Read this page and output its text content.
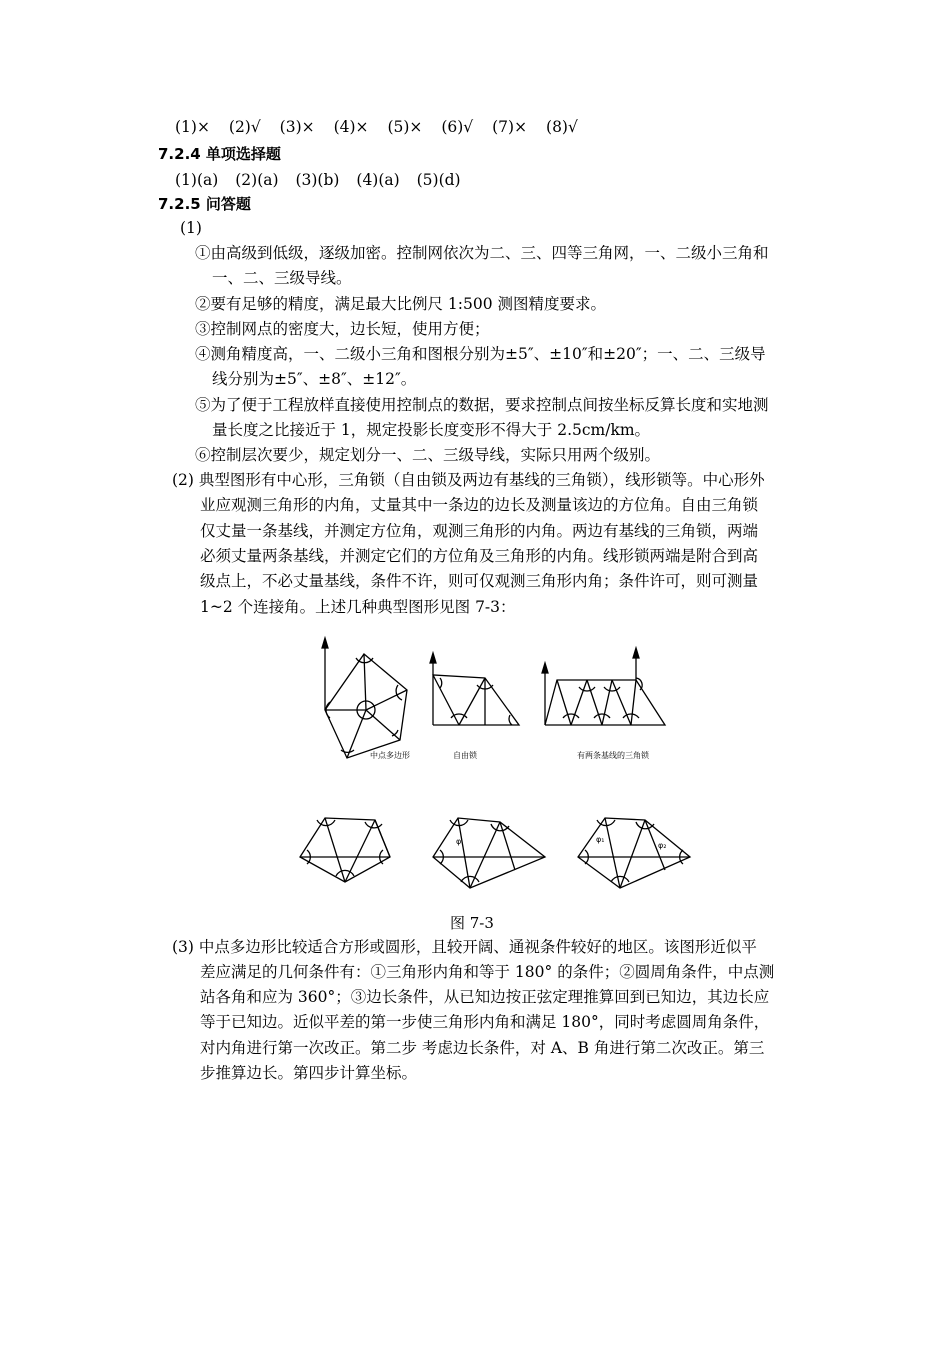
(1)× (2)√ (3)× (4)× (5)× (6)√ (7)× (8)√
7.2.4 单项选择题
(1)(a) (2)(a) (3)(b) (4)(a) (5)(d)
7.2.5 问答题
(1)
①由高级到低级，逐级加密。控制网依次为二、三、四等三角网，一、二级小三角和
一、二、三级导线。
②要有足够的精度，满足最大比例尺 1:500 测图精度要求。
③控制网点的密度大，边长短，使用方便；
④测角精度高，一、二级小三角和图根分别为±5″、±10″和±20″；一、二、三级导
线分别为±5″、±8″、±12″。
⑤为了便于工程放样直接使用控制点的数据，要求控制点间按坐标反算长度和实地测
量长度之比接近于 1，规定投影长度变形不得大于 2.5cm/km。
⑥控制层次要少，规定划分一、二、三级导线，实际只用两个级别。
(2) 典型图形有中心形，三角锁（自由锁及两边有基线的三角锁），线形锁等。中心形外
业应观测三角形的内角，丈量其中一条边的边长及测量该边的方位角。自由三角锁
仅丈量一条基线，并测定方位角，观测三角形的内角。两边有基线的三角锁，两端
必须丈量两条基线，并测定它们的方位角及三角形的内角。线形锁两端是附合到高
级点上，不必丈量基线，条件不许，则可仅观测三角形内角；条件许可，则可测量
1~2 个连接角。上述几种典型图形见图 7-3：
中点多边形	自由锁	有两条基线的三角锁
φ	φ₁
φ₂
图 7-3
(3) 中点多边形比较适合方形或圆形，且较开阔、通视条件较好的地区。该图形近似平
差应满足的几何条件有：①三角形内角和等于 180° 的条件；②圆周角条件，中点测
站各角和应为 360°；③边长条件，从已知边按正弦定理推算回到已知边，其边长应
等于已知边。近似平差的第一步使三角形内角和满足 180°，同时考虑圆周角条件，
对内角进行第一次改正。第二步 考虑边长条件，对 A、B 角进行第二次改正。第三
步推算边长。第四步计算坐标。
